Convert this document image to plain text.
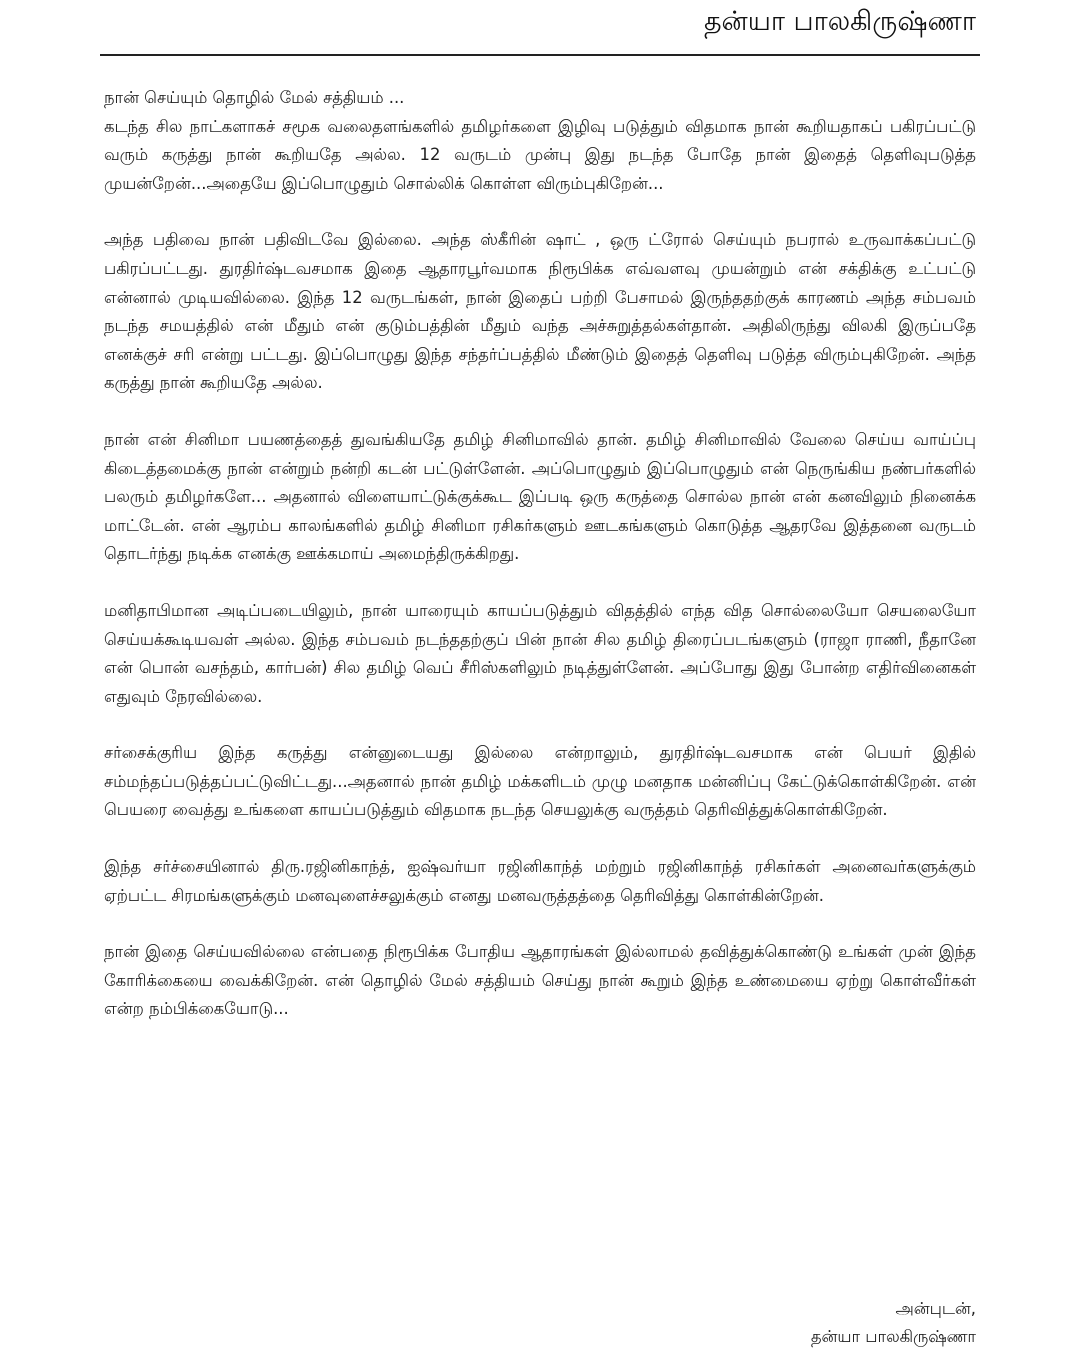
தன்யா பாலகிருஷ்ணா
நான் செய்யும் தொழில் மேல் சத்தியம் ...
கடந்த சில நாட்களாகச் சமூக வலைதளங்களில் தமிழர்களை இழிவு படுத்தும் விதமாக நான் கூறியதாகப் பகிரப்பட்டு வரும் கருத்து நான் கூறியதே அல்ல. 12 வருடம் முன்பு இது நடந்த போதே நான் இதைத் தெளிவுபடுத்த முயன்றேன்...அதையே இப்பொழுதும் சொல்லிக் கொள்ள விரும்புகிறேன்...

அந்த பதிவை நான் பதிவிடவே இல்லை. அந்த ஸ்கீரின் ஷாட் , ஒரு ட்ரோல் செய்யும் நபரால் உருவாக்கப்பட்டு பகிரப்பட்டது. துரதிர்ஷ்டவசமாக இதை ஆதாரபூர்வமாக நிரூபிக்க எவ்வளவு முயன்றும் என் சக்திக்கு உட்பட்டு என்னால் முடியவில்லை. இந்த 12 வருடங்கள், நான் இதைப் பற்றி பேசாமல் இருந்ததற்குக் காரணம் அந்த சம்பவம் நடந்த சமயத்தில் என் மீதும் என் குடும்பத்தின் மீதும் வந்த அச்சுறுத்தல்கள்தான். அதிலிருந்து விலகி இருப்பதே எனக்குச் சரி என்று பட்டது. இப்பொழுது இந்த சந்தர்ப்பத்தில் மீண்டும் இதைத் தெளிவு படுத்த விரும்புகிறேன். அந்த கருத்து நான் கூறியதே அல்ல.

நான் என் சினிமா பயணத்தைத் துவங்கியதே தமிழ் சினிமாவில் தான். தமிழ் சினிமாவில் வேலை செய்ய வாய்ப்பு கிடைத்தமைக்கு நான் என்றும் நன்றி கடன் பட்டுள்ளேன். அப்பொழுதும் இப்பொழுதும் என் நெருங்கிய நண்பர்களில் பலரும் தமிழர்களே... அதனால் விளையாட்டுக்குக்கூட இப்படி ஒரு கருத்தை சொல்ல நான் என் கனவிலும் நினைக்க மாட்டேன். என் ஆரம்ப காலங்களில் தமிழ் சினிமா ரசிகர்களும் ஊடகங்களும் கொடுத்த ஆதரவே இத்தனை வருடம் தொடர்ந்து நடிக்க எனக்கு ஊக்கமாய் அமைந்திருக்கிறது.

மனிதாபிமான அடிப்படையிலும், நான் யாரையும் காயப்படுத்தும் விதத்தில் எந்த வித சொல்லையோ செயலையோ செய்யக்கூடியவள் அல்ல. இந்த சம்பவம் நடந்ததற்குப் பின் நான் சில தமிழ் திரைப்படங்களும் (ராஜா ராணி, நீதானே என் பொன் வசந்தம், கார்பன்) சில தமிழ் வெப் சீரிஸ்களிலும் நடித்துள்ளேன். அப்போது இது போன்ற எதிர்வினைகள் எதுவும் நேரவில்லை.

சர்சைக்குரிய இந்த கருத்து என்னுடையது இல்லை என்றாலும், துரதிர்ஷ்டவசமாக என் பெயர் இதில் சம்மந்தப்படுத்தப்பட்டுவிட்டது...அதனால் நான் தமிழ் மக்களிடம் முழு மனதாக மன்னிப்பு கேட்டுக்கொள்கிறேன். என் பெயரை வைத்து உங்களை காயப்படுத்தும் விதமாக நடந்த செயலுக்கு வருத்தம் தெரிவித்துக்கொள்கிறேன்.

இந்த சர்ச்சையினால் திரு.ரஜினிகாந்த், ஐஷ்வர்யா ரஜினிகாந்த் மற்றும் ரஜினிகாந்த் ரசிகர்கள் அனைவர்களுக்கும் ஏற்பட்ட சிரமங்களுக்கும் மனவுளைச்சலுக்கும் எனது மனவருத்தத்தை தெரிவித்து கொள்கின்றேன்.

நான் இதை செய்யவில்லை என்பதை நிரூபிக்க போதிய ஆதாரங்கள் இல்லாமல் தவித்துக்கொண்டு உங்கள் முன் இந்த கோரிக்கையை வைக்கிறேன். என் தொழில் மேல் சத்தியம் செய்து நான் கூறும் இந்த உண்மையை ஏற்று கொள்வீர்கள் என்ற நம்பிக்கையோடு...

அன்புடன்,
தன்யா பாலகிருஷ்ணா
